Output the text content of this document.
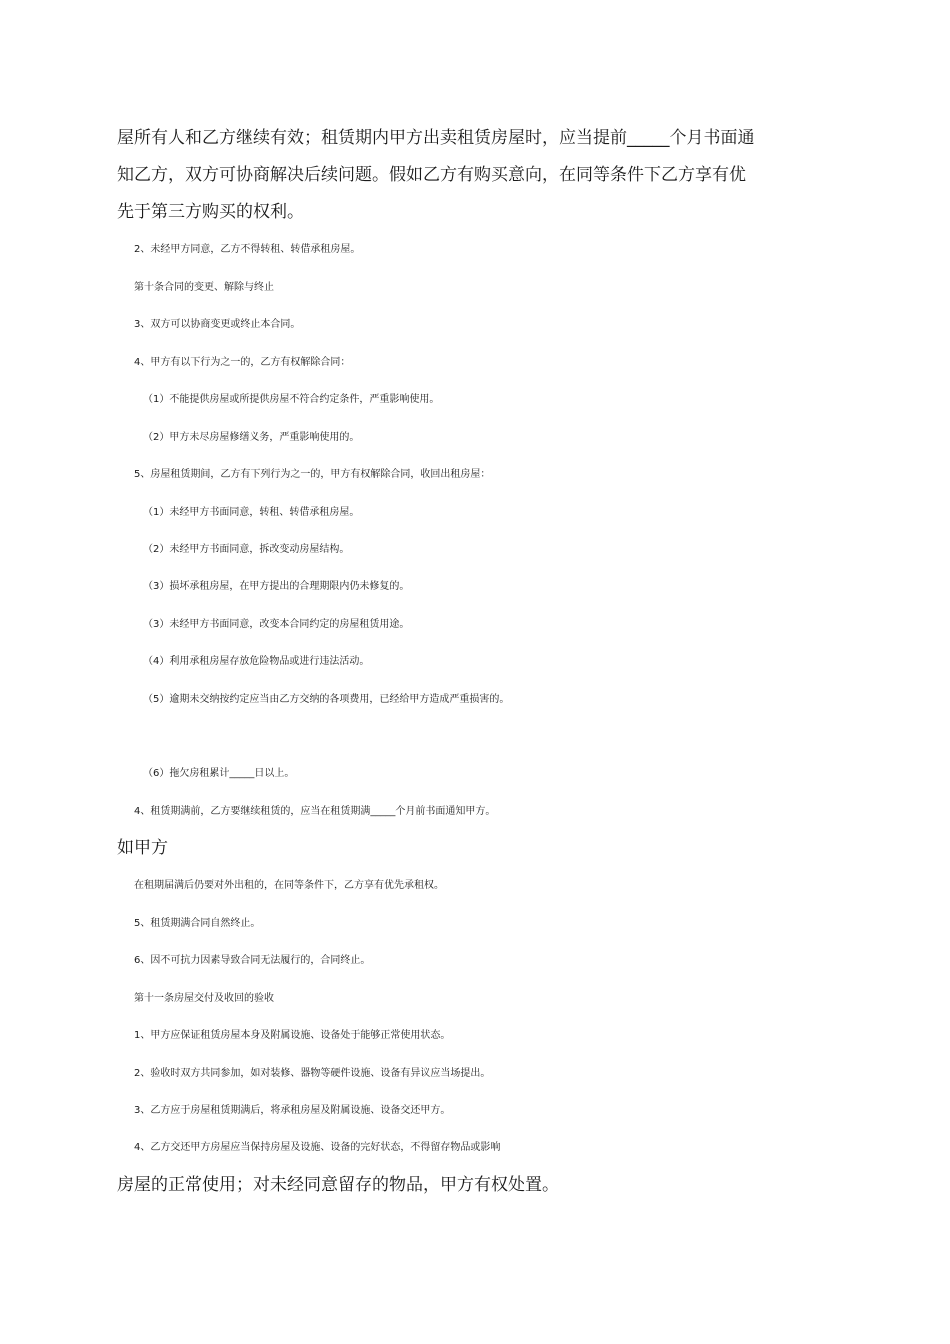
屋所有人和乙方继续有效；租赁期内甲方出卖租赁房屋时，应当提前_____个月书面通

知乙方，双方可协商解决后续问题。假如乙方有购买意向，在同等条件下乙方享有优

先于第三方购买的权利。

2、未经甲方同意，乙方不得转租、转借承租房屋。

第十条合同的变更、解除与终止

3、双方可以协商变更或终止本合同。

4、甲方有以下行为之一的，乙方有权解除合同：

（1）不能提供房屋或所提供房屋不符合约定条件，严重影响使用。

（2）甲方未尽房屋修缮义务，严重影响使用的。

5、房屋租赁期间，乙方有下列行为之一的，甲方有权解除合同，收回出租房屋：

（1）未经甲方书面同意，转租、转借承租房屋。

（2）未经甲方书面同意，拆改变动房屋结构。

（3）损坏承租房屋，在甲方提出的合理期限内仍未修复的。

（3）未经甲方书面同意，改变本合同约定的房屋租赁用途。

（4）利用承租房屋存放危险物品或进行违法活动。

（5）逾期未交纳按约定应当由乙方交纳的各项费用，已经给甲方造成严重损害的。

（6）拖欠房租累计_____日以上。

4、租赁期满前，乙方要继续租赁的，应当在租赁期满_____个月前书面通知甲方。

如甲方

在租期届满后仍要对外出租的，在同等条件下，乙方享有优先承租权。

5、租赁期满合同自然终止。

6、因不可抗力因素导致合同无法履行的，合同终止。

第十一条房屋交付及收回的验收

1、甲方应保证租赁房屋本身及附属设施、设备处于能够正常使用状态。

2、验收时双方共同参加，如对装修、器物等硬件设施、设备有异议应当场提出。

3、乙方应于房屋租赁期满后，将承租房屋及附属设施、设备交还甲方。

4、乙方交还甲方房屋应当保持房屋及设施、设备的完好状态，不得留存物品或影响

房屋的正常使用；对未经同意留存的物品，甲方有权处置。
